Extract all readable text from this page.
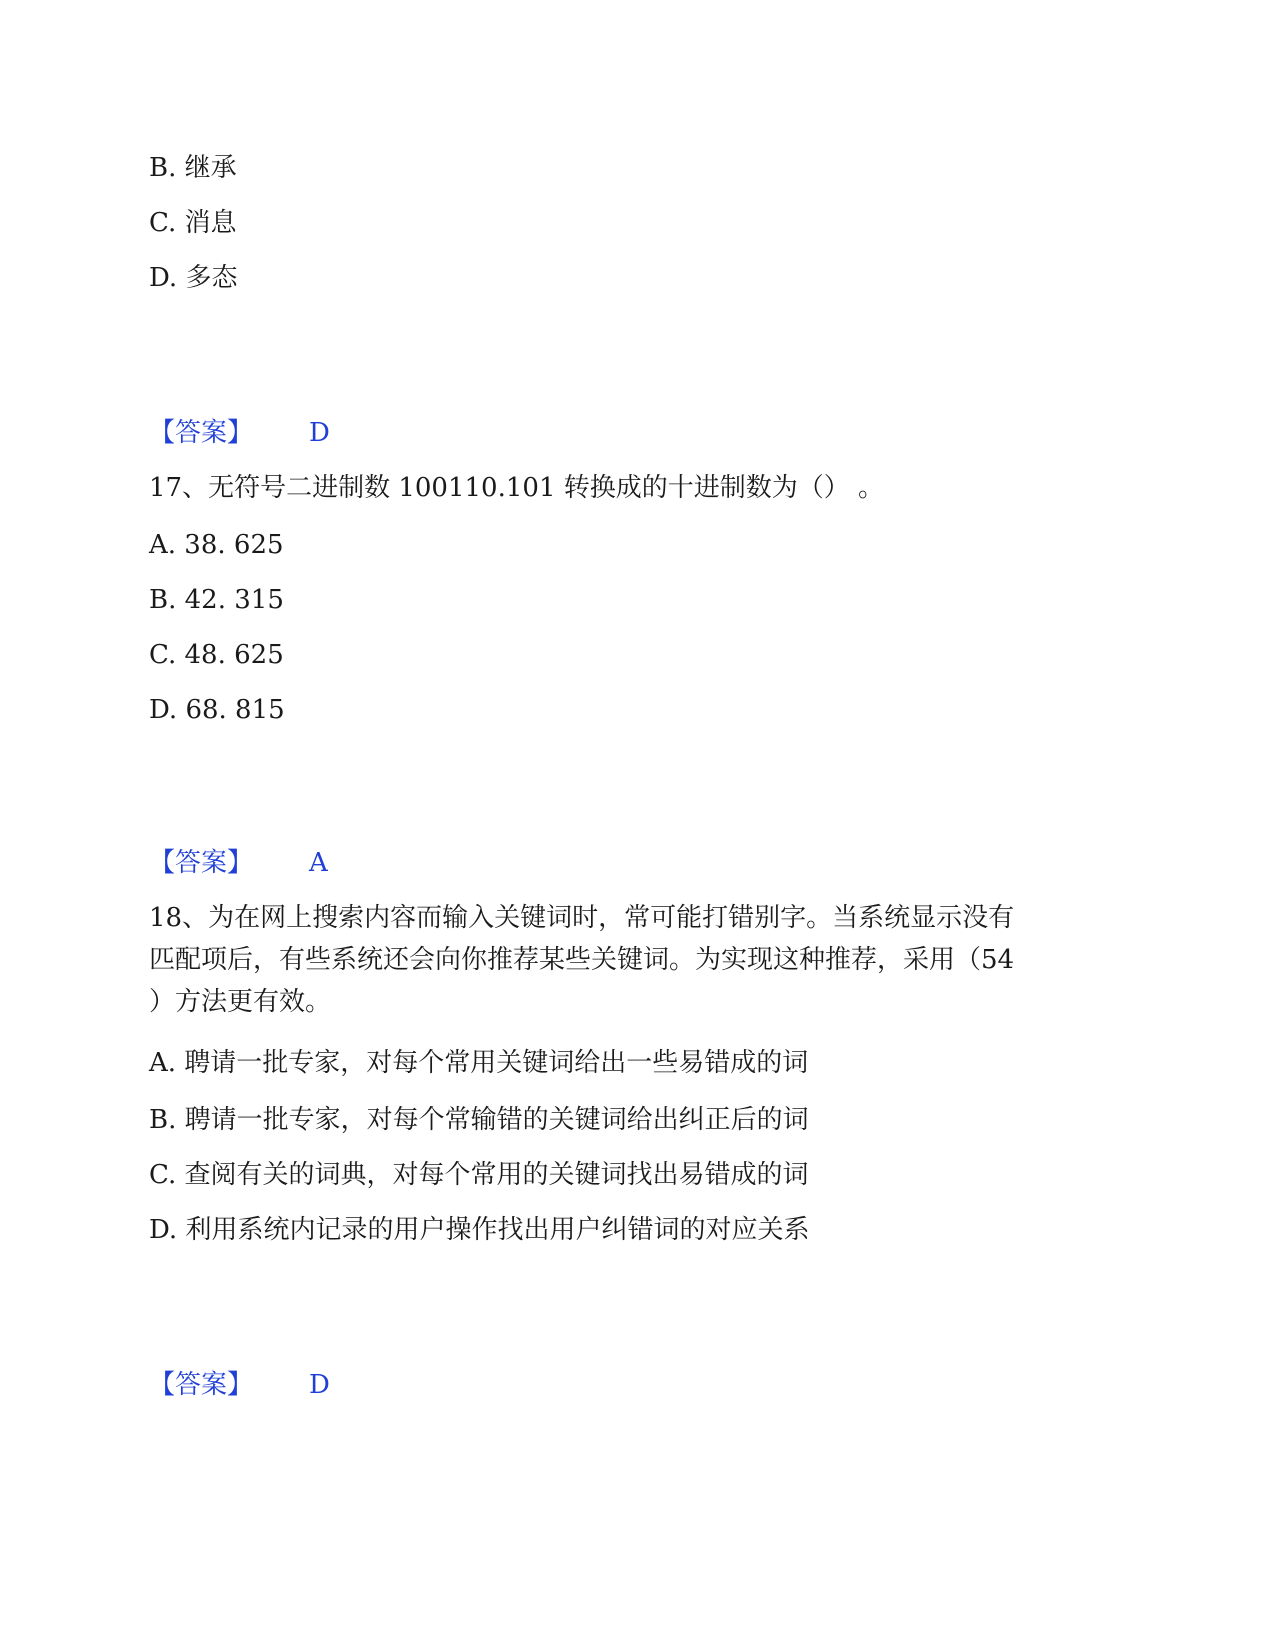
B. 继承
C. 消息
D. 多态
【答案】 D
17、无符号二进制数 100110.101 转换成的十进制数为（） 。
A. 38. 625
B. 42. 315
C. 48. 625
D. 68. 815
【答案】 A
18、为在网上搜索内容而输入关键词时，常可能打错别字。当系统显示没有
匹配项后，有些系统还会向你推荐某些关键词。为实现这种推荐，采用（54
）方法更有效。
A. 聘请一批专家，对每个常用关键词给出一些易错成的词
B. 聘请一批专家，对每个常输错的关键词给出纠正后的词
C. 查阅有关的词典，对每个常用的关键词找出易错成的词
D. 利用系统内记录的用户操作找出用户纠错词的对应关系
【答案】 D
